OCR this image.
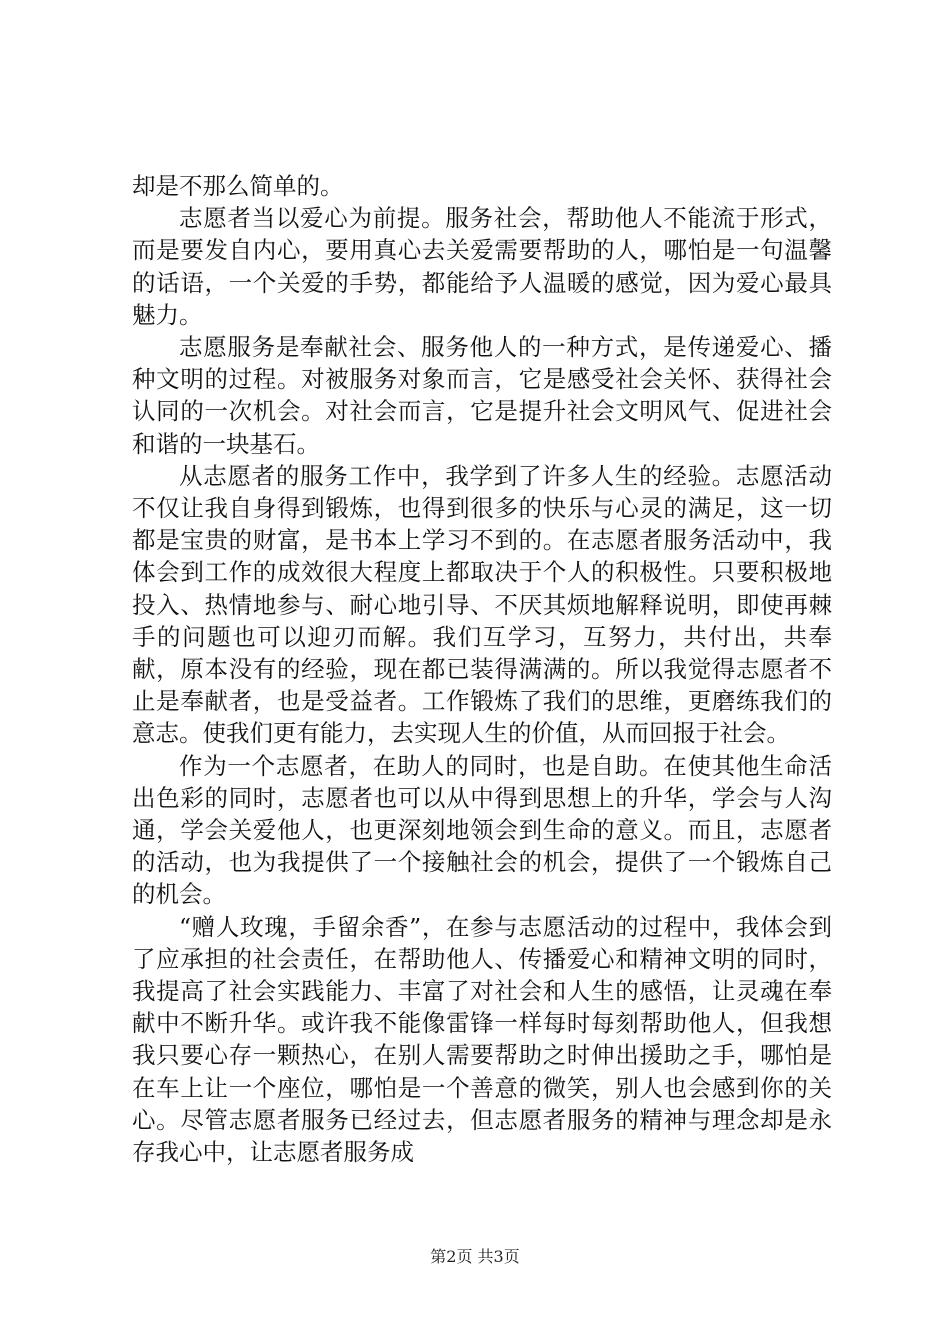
却是不那么简单的。

志愿者当以爱心为前提。服务社会，帮助他人不能流于形式，而是要发自内心，要用真心去关爱需要帮助的人，哪怕是一句温馨的话语，一个关爱的手势，都能给予人温暖的感觉，因为爱心最具魅力。

志愿服务是奉献社会、服务他人的一种方式，是传递爱心、播种文明的过程。对被服务对象而言，它是感受社会关怀、获得社会认同的一次机会。对社会而言，它是提升社会文明风气、促进社会和谐的一块基石。

从志愿者的服务工作中，我学到了许多人生的经验。志愿活动不仅让我自身得到锻炼，也得到很多的快乐与心灵的满足，这一切都是宝贵的财富，是书本上学习不到的。在志愿者服务活动中，我体会到工作的成效很大程度上都取决于个人的积极性。只要积极地投入、热情地参与、耐心地引导、不厌其烦地解释说明，即使再棘手的问题也可以迎刃而解。我们互学习，互努力，共付出，共奉献，原本没有的经验，现在都已装得满满的。所以我觉得志愿者不止是奉献者，也是受益者。工作锻炼了我们的思维，更磨练我们的意志。使我们更有能力，去实现人生的价值，从而回报于社会。

作为一个志愿者，在助人的同时，也是自助。在使其他生命活出色彩的同时，志愿者也可以从中得到思想上的升华，学会与人沟通，学会关爱他人，也更深刻地领会到生命的意义。而且，志愿者的活动，也为我提供了一个接触社会的机会，提供了一个锻炼自己的机会。

“赠人玫瑰，手留余香”，在参与志愿活动的过程中，我体会到了应承担的社会责任，在帮助他人、传播爱心和精神文明的同时，我提高了社会实践能力、丰富了对社会和人生的感悟，让灵魂在奉献中不断升华。或许我不能像雷锋一样每时每刻帮助他人，但我想我只要心存一颗热心，在别人需要帮助之时伸出援助之手，哪怕是在车上让一个座位，哪怕是一个善意的微笑，别人也会感到你的关心。尽管志愿者服务已经过去，但志愿者服务的精神与理念却是永存我心中，让志愿者服务成

第2页 共3页
